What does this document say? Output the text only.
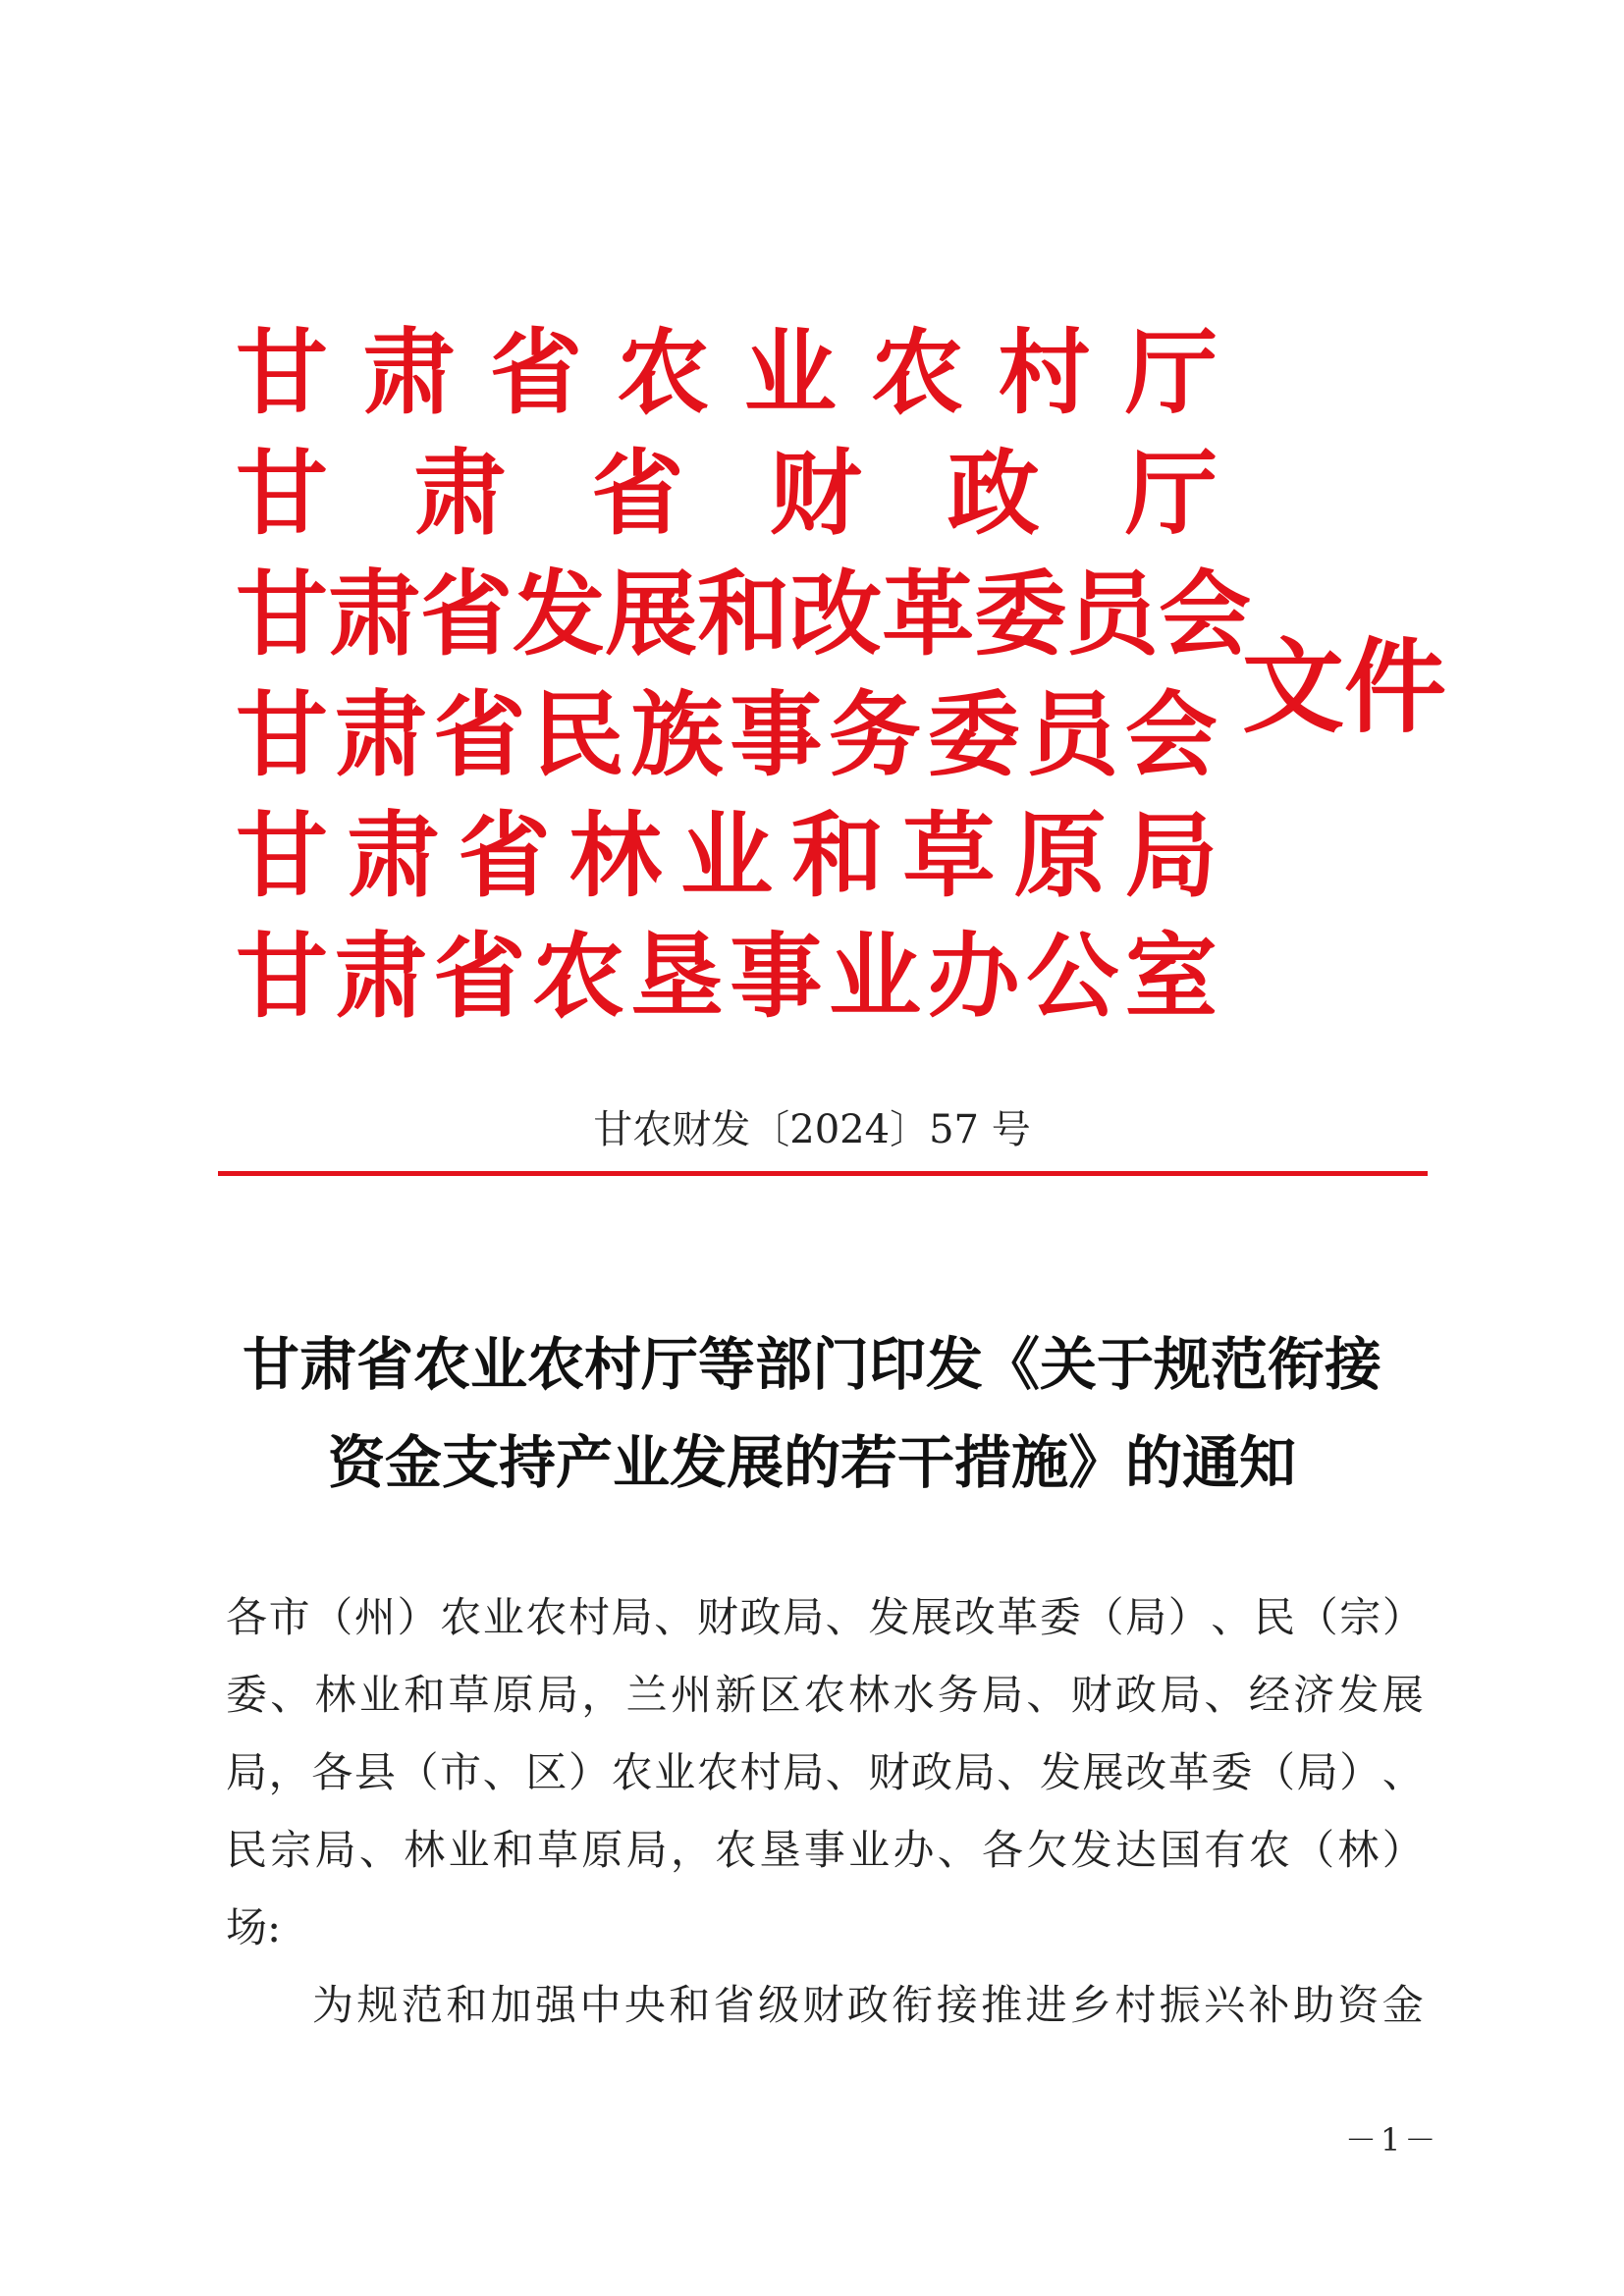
甘 肃 省 农 业 农 村 厅
甘 肃 省 财 政 厅
甘 肃 省 发 展 和 改 革 委 员 会
甘 肃 省 民 族 事 务 委 员 会
甘 肃 省 林 业 和 草 原 局
甘 肃 省 农 垦 事 业 办 公 室
文件
甘农财发〔2024〕57 号
甘肃省农业农村厅等部门印发《关于规范衔接
资金支持产业发展的若干措施》的通知
各 市 （ 州 ） 农 业 农 村 局 、 财 政 局 、 发 展 改 革 委 （ 局 ） 、 民 （ 宗 ）
委 、 林 业 和 草 原 局 ， 兰 州 新 区 农 林 水 务 局 、 财 政 局 、 经 济 发 展
局 ， 各 县 （ 市 、 区 ） 农 业 农 村 局 、 财 政 局 、 发 展 改 革 委 （ 局 ） 、
民 宗 局 、 林 业 和 草 原 局 ， 农 垦 事 业 办 、 各 欠 发 达 国 有 农 （ 林 ）
场:
为 规 范 和 加 强 中 央 和 省 级 财 政 衔 接 推 进 乡 村 振 兴 补 助 资 金
－1－
